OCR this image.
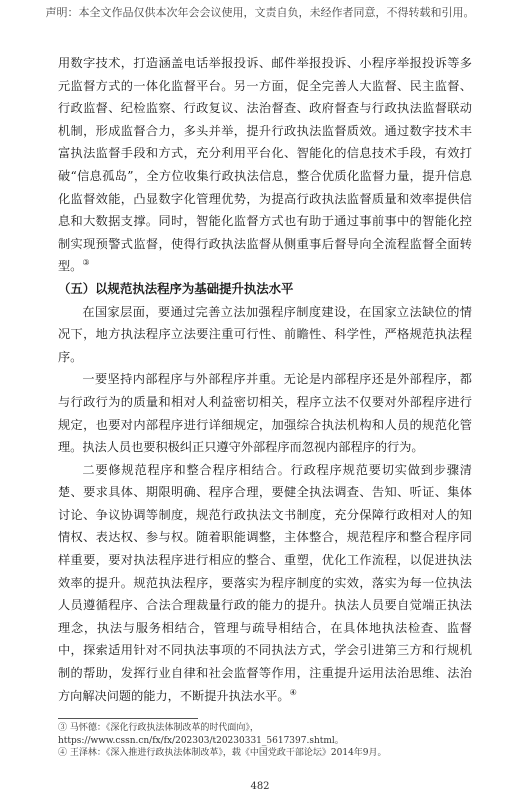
声明：本全文作品仅供本次年会会议使用，文责自负，未经作者同意，不得转载和引用。

用数字技术，打造涵盖电话举报投诉、邮件举报投诉、小程序举报投诉等多元监督方式的一体化监督平台。另一方面，促全完善人大监督、民主监督、行政监督、纪检监察、行政复议、法治督查、政府督查与行政执法监督联动机制，形成监督合力，多头并举，提升行政执法监督质效。通过数字技术丰富执法监督手段和方式，充分利用平台化、智能化的信息技术手段，有效打破“信息孤岛”，全方位收集行政执法信息，整合优质化监督力量，提升信息化监督效能，凸显数字化管理优势，为提高行政执法监督质量和效率提供信息和大数据支撑。同时，智能化监督方式也有助于通过事前事中的智能化控制实现预警式监督，使得行政执法监督从侧重事后督导向全流程监督全面转型。③

（五）以规范执法程序为基础提升执法水平

在国家层面，要通过完善立法加强程序制度建设，在国家立法缺位的情况下，地方执法程序立法要注重可行性、前瞻性、科学性，严格规范执法程序。

一要坚持内部程序与外部程序并重。无论是内部程序还是外部程序，都与行政行为的质量和相对人利益密切相关，程序立法不仅要对外部程序进行规定，也要对内部程序进行详细规定，加强综合执法机构和人员的规范化管理。执法人员也要积极纠正只遵守外部程序而忽视内部程序的行为。

二要修规范程序和整合程序相结合。行政程序规范要切实做到步骤清楚、要求具体、期限明确、程序合理，要健全执法调查、告知、听证、集体讨论、争议协调等制度，规范行政执法文书制度，充分保障行政相对人的知情权、表达权、参与权。随着职能调整，主体整合，规范程序和整合程序同样重要，要对执法程序进行相应的整合、重塑，优化工作流程，以促进执法效率的提升。规范执法程序，要落实为程序制度的实效，落实为每一位执法人员遵循程序、合法合理裁量行政的能力的提升。执法人员要自觉端正执法理念，执法与服务相结合，管理与疏导相结合，在具体地执法检查、监督中，探索适用针对不同执法事项的不同执法方式，学会引进第三方和行规机制的帮助，发挥行业自律和社会监督等作用，注重提升运用法治思维、法治方向解决问题的能力，不断提升执法水平。④

③ 马怀德：《深化行政执法体制改革的时代面向》，https://www.cssn.cn/fx/fx/202303/t20230331_5617397.shtml。
④ 王泽林：《深入推进行政执法体制改革》，载《中国党政干部论坛》2014年9月。
482
